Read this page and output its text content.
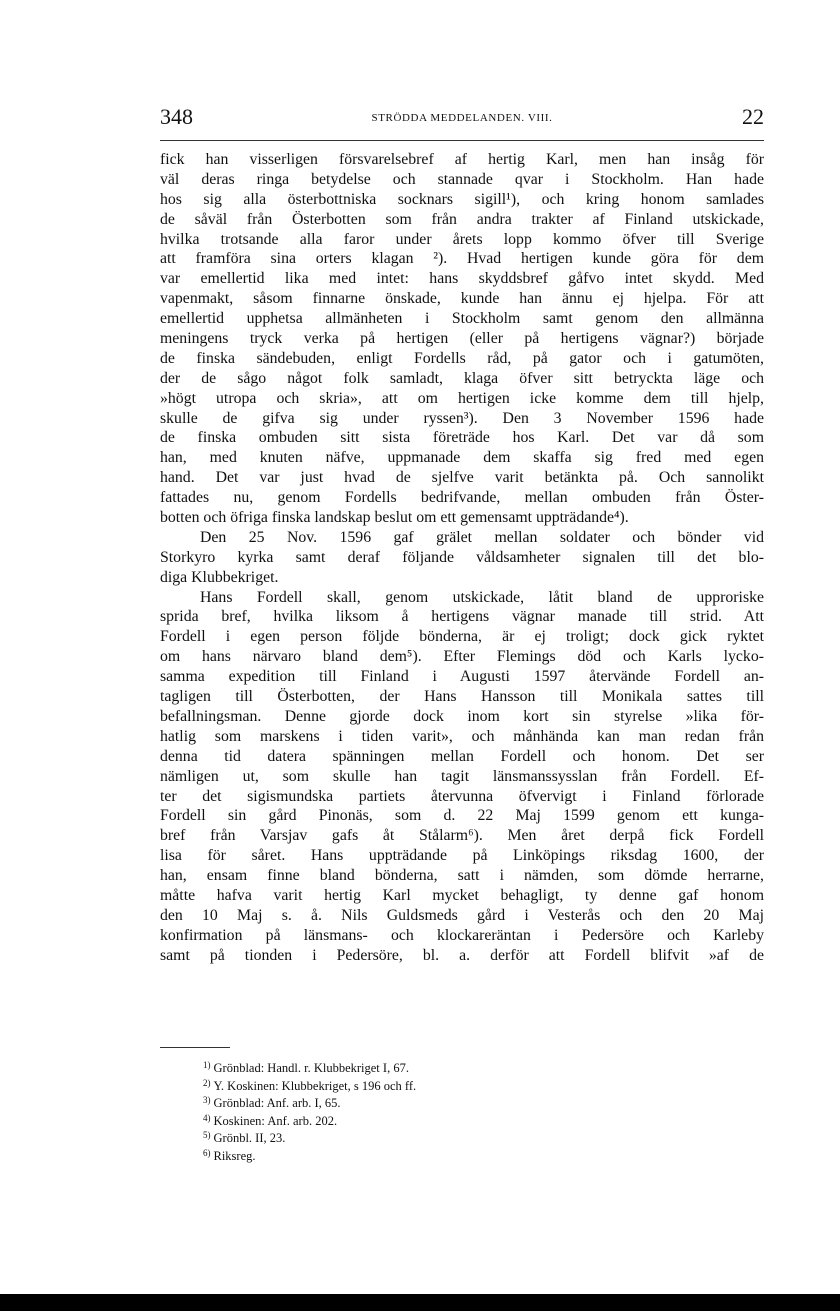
348	STRÖDDA MEDDELANDEN. VIII.	22
fick han visserligen försvarelsebref af hertig Karl, men han insåg för
väl deras ringa betydelse och stannade qvar i Stockholm. Han hade
hos sig alla österbottniska socknars sigill¹), och kring honom samlades
de såväl från Österbotten som från andra trakter af Finland utskickade,
hvilka trotsande alla faror under årets lopp kommo öfver till Sverige
att framföra sina orters klagan ²). Hvad hertigen kunde göra för dem
var emellertid lika med intet: hans skyddsbref gåfvo intet skydd. Med
vapenmakt, såsom finnarne önskade, kunde han ännu ej hjelpa. För att
emellertid upphetsa allmänheten i Stockholm samt genom den allmänna
meningens tryck verka på hertigen (eller på hertigens vägnar?) började
de finska sändebuden, enligt Fordells råd, på gator och i gatumöten,
der de sågo något folk samladt, klaga öfver sitt betryckta läge och
»högt utropa och skria», att om hertigen icke komme dem till hjelp,
skulle de gifva sig under ryssen³). Den 3 November 1596 hade
de finska ombuden sitt sista företräde hos Karl. Det var då som
han, med knuten näfve, uppmanade dem skaffa sig fred med egen
hand. Det var just hvad de sjelfve varit betänkta på. Och sannolikt
fattades nu, genom Fordells bedrifvande, mellan ombuden från Öster-
botten och öfriga finska landskap beslut om ett gemensamt uppträdande⁴).
Den 25 Nov. 1596 gaf grälet mellan soldater och bönder vid
Storkyro kyrka samt deraf följande våldsamheter signalen till det blo-
diga Klubbekriget.
Hans Fordell skall, genom utskickade, låtit bland de upproriske
sprida bref, hvilka liksom å hertigens vägnar manade till strid. Att
Fordell i egen person följde bönderna, är ej troligt; dock gick ryktet
om hans närvaro bland dem⁵). Efter Flemings död och Karls lycko-
samma expedition till Finland i Augusti 1597 återvände Fordell an-
tagligen till Österbotten, der Hans Hansson till Monikala sattes till
befallningsman. Denne gjorde dock inom kort sin styrelse »lika för-
hatlig som marskens i tiden varit», och månhända kan man redan från
denna tid datera spänningen mellan Fordell och honom. Det ser
nämligen ut, som skulle han tagit länsmanssysslan från Fordell. Ef-
ter det sigismundska partiets återvunna öfvervigt i Finland förlorade
Fordell sin gård Pinonäs, som d. 22 Maj 1599 genom ett kunga-
bref från Varsjav gafs åt Stålarm⁶). Men året derpå fick Fordell
lisa för såret. Hans uppträdande på Linköpings riksdag 1600, der
han, ensam finne bland bönderna, satt i nämden, som dömde herrarne,
måtte hafva varit hertig Karl mycket behagligt, ty denne gaf honom
den 10 Maj s. å. Nils Guldsmeds gård i Vesterås och den 20 Maj
konfirmation på länsmans- och klockareräntan i Pedersöre och Karleby
samt på tionden i Pedersöre, bl. a. derför att Fordell blifvit »af de
$^{1)}$ Grönblad: Handl. r. Klubbekriget I, 67.
$^{2)}$ Y. Koskinen: Klubbekriget, s 196 och ff.
$^{3)}$ Grönblad: Anf. arb. I, 65.
$^{4)}$ Koskinen: Anf. arb. 202.
$^{5)}$ Grönbl. II, 23.
$^{6)}$ Riksreg.
